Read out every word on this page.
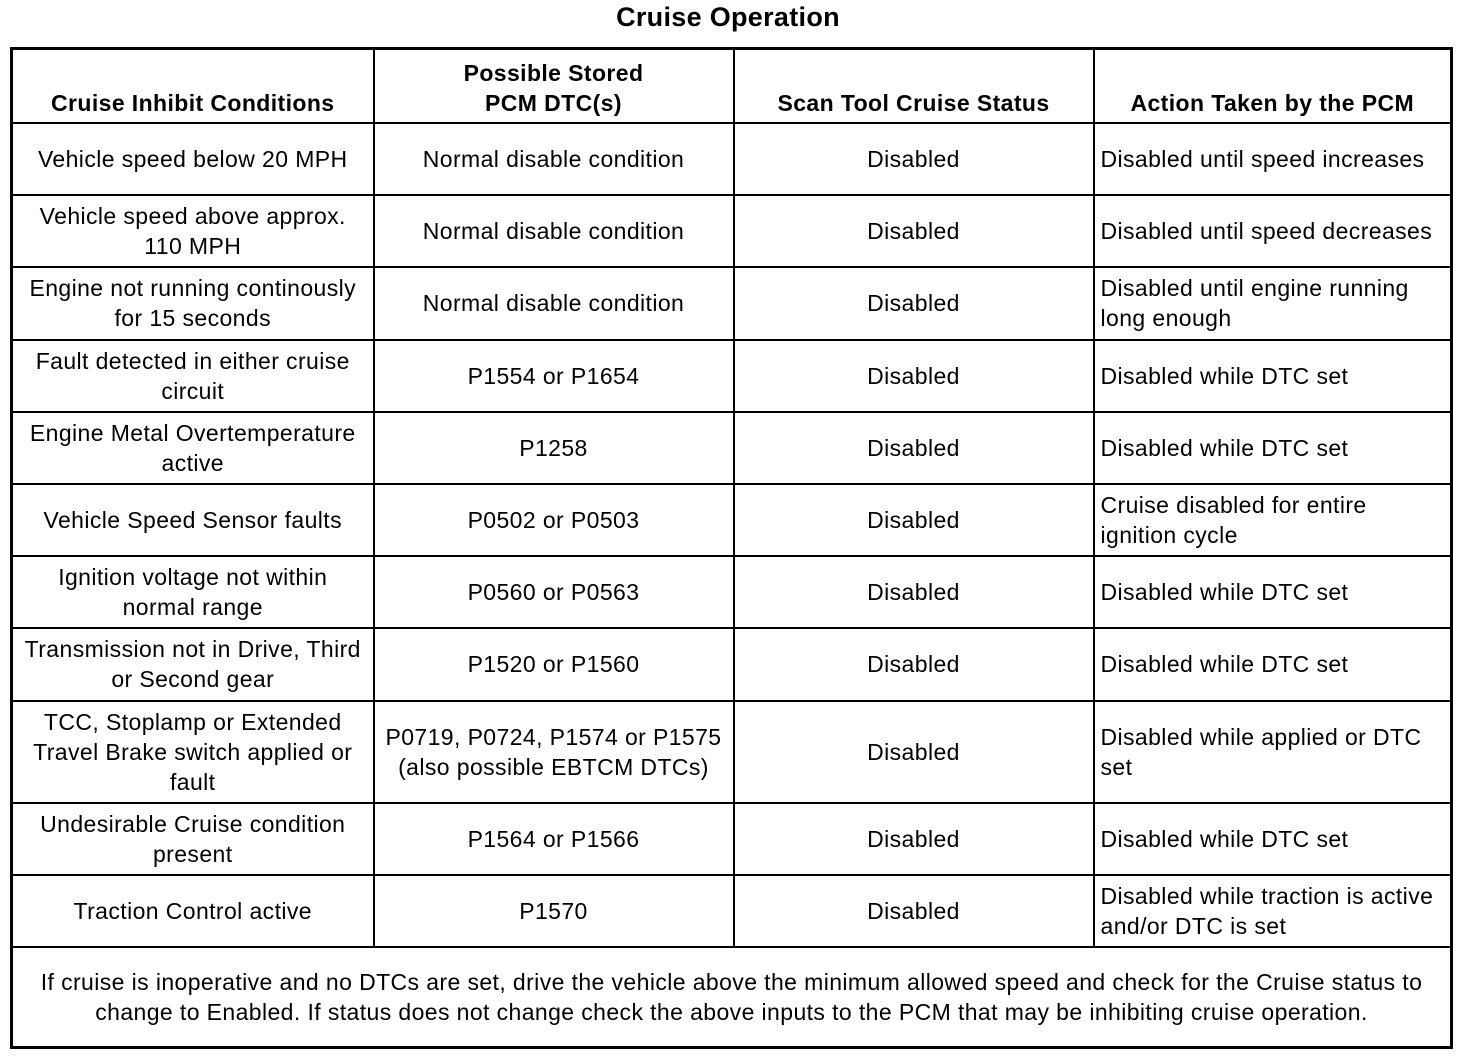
Cruise Operation
Cruise Inhibit Conditions	Possible Stored PCM DTC(s)	Scan Tool Cruise Status	Action Taken by the PCM
Vehicle speed below 20 MPH	Normal disable condition	Disabled	Disabled until speed increases
Vehicle speed above approx. 110 MPH	Normal disable condition	Disabled	Disabled until speed decreases
Engine not running continously for 15 seconds	Normal disable condition	Disabled	Disabled until engine running long enough
Fault detected in either cruise circuit	P1554 or P1654	Disabled	Disabled while DTC set
Engine Metal Overtemperature active	P1258	Disabled	Disabled while DTC set
Vehicle Speed Sensor faults	P0502 or P0503	Disabled	Cruise disabled for entire ignition cycle
Ignition voltage not within normal range	P0560 or P0563	Disabled	Disabled while DTC set
Transmission not in Drive, Third or Second gear	P1520 or P1560	Disabled	Disabled while DTC set
TCC, Stoplamp or Extended Travel Brake switch applied or fault	P0719, P0724, P1574 or P1575 (also possible EBTCM DTCs)	Disabled	Disabled while applied or DTC set
Undesirable Cruise condition present	P1564 or P1566	Disabled	Disabled while DTC set
Traction Control active	P1570	Disabled	Disabled while traction is active and/or DTC is set
If cruise is inoperative and no DTCs are set, drive the vehicle above the minimum allowed speed and check for the Cruise status to change to Enabled. If status does not change check the above inputs to the PCM that may be inhibiting cruise operation.			
